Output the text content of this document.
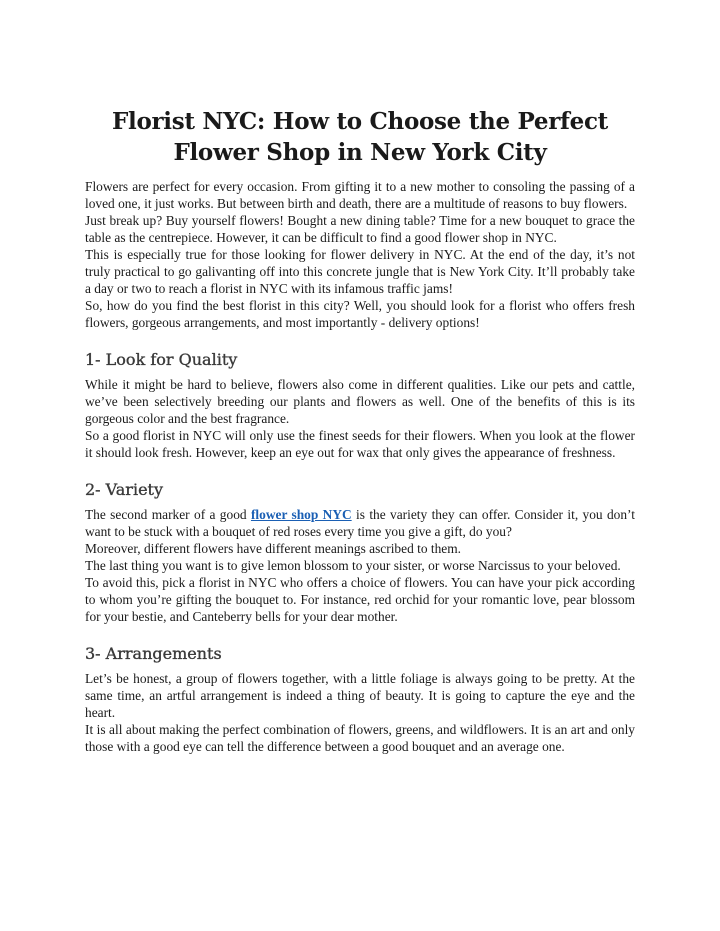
Florist NYC: How to Choose the Perfect
Flower Shop in New York City

Flowers are perfect for every occasion. From gifting it to a new mother to consoling the passing of a loved one, it just works. But between birth and death, there are a multitude of reasons to buy flowers.

Just break up? Buy yourself flowers! Bought a new dining table? Time for a new bouquet to grace the table as the centrepiece. However, it can be difficult to find a good flower shop in NYC.

This is especially true for those looking for flower delivery in NYC. At the end of the day, it’s not truly practical to go galivanting off into this concrete jungle that is New York City. It’ll probably take a day or two to reach a florist in NYC with its infamous traffic jams!

So, how do you find the best florist in this city? Well, you should look for a florist who offers fresh flowers, gorgeous arrangements, and most importantly - delivery options!

1- Look for Quality

While it might be hard to believe, flowers also come in different qualities. Like our pets and cattle, we’ve been selectively breeding our plants and flowers as well. One of the benefits of this is its gorgeous color and the best fragrance.

So a good florist in NYC will only use the finest seeds for their flowers. When you look at the flower it should look fresh. However, keep an eye out for wax that only gives the appearance of freshness.

2- Variety

The second marker of a good flower shop NYC is the variety they can offer. Consider it, you don’t want to be stuck with a bouquet of red roses every time you give a gift, do you?

Moreover, different flowers have different meanings ascribed to them.

The last thing you want is to give lemon blossom to your sister, or worse Narcissus to your beloved.

To avoid this, pick a florist in NYC who offers a choice of flowers. You can have your pick according to whom you’re gifting the bouquet to. For instance, red orchid for your romantic love, pear blossom for your bestie, and Canteberry bells for your dear mother.

3- Arrangements

Let’s be honest, a group of flowers together, with a little foliage is always going to be pretty. At the same time, an artful arrangement is indeed a thing of beauty. It is going to capture the eye and the heart.

It is all about making the perfect combination of flowers, greens, and wildflowers. It is an art and only those with a good eye can tell the difference between a good bouquet and an average one.
